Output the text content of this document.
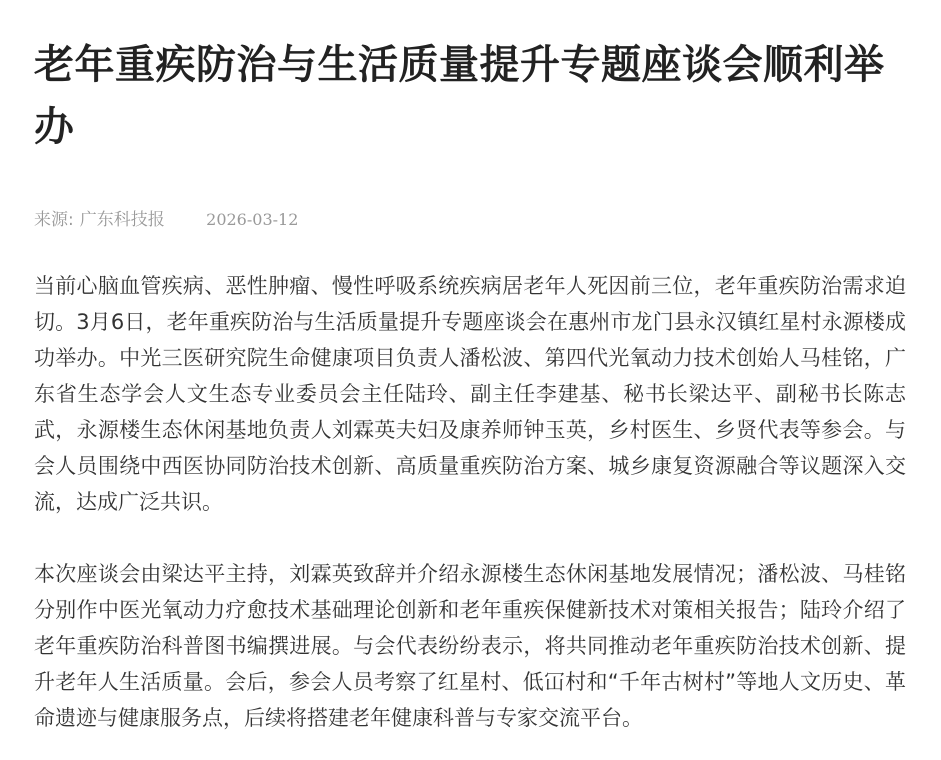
老年重疾防治与生活质量提升专题座谈会顺利举办
来源: 广东科技报	2026-03-12

当前心脑血管疾病、恶性肿瘤、慢性呼吸系统疾病居老年人死因前三位，老年重疾防治需求迫切。3月6日，老年重疾防治与生活质量提升专题座谈会在惠州市龙门县永汉镇红星村永源楼成功举办。中光三医研究院生命健康项目负责人潘松波、第四代光氧动力技术创始人马桂铭，广东省生态学会人文生态专业委员会主任陆玲、副主任李建基、秘书长梁达平、副秘书长陈志武，永源楼生态休闲基地负责人刘霖英夫妇及康养师钟玉英，乡村医生、乡贤代表等参会。与会人员围绕中西医协同防治技术创新、高质量重疾防治方案、城乡康复资源融合等议题深入交流，达成广泛共识。

本次座谈会由梁达平主持，刘霖英致辞并介绍永源楼生态休闲基地发展情况；潘松波、马桂铭分别作中医光氧动力疗愈技术基础理论创新和老年重疾保健新技术对策相关报告；陆玲介绍了老年重疾防治科普图书编撰进展。与会代表纷纷表示，将共同推动老年重疾防治技术创新、提升老年人生活质量。会后，参会人员考察了红星村、低冚村和“千年古树村”等地人文历史、革命遗迹与健康服务点，后续将搭建老年健康科普与专家交流平台。
